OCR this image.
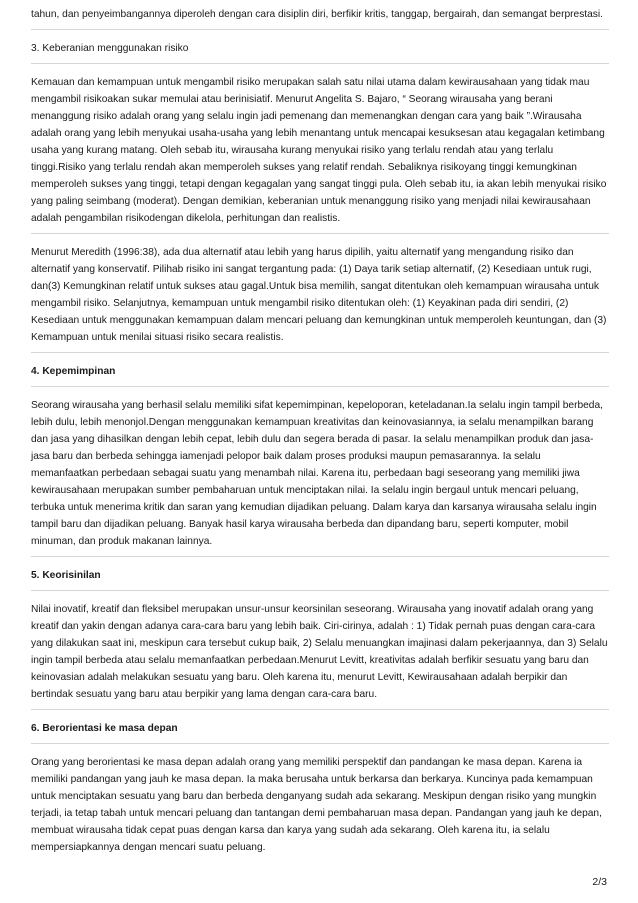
tahun, dan penyeimbangannya diperoleh dengan cara disiplin diri, berfikir kritis, tanggap, bergairah, dan semangat berprestasi.

3. Keberanian menggunakan risiko

Kemauan dan kemampuan untuk mengambil risiko merupakan salah satu nilai utama dalam kewirausahaan yang tidak mau mengambil risikoakan sukar memulai atau berinisiatif. Menurut Angelita S. Bajaro, “ Seorang wirausaha yang berani menanggung risiko adalah orang yang selalu ingin jadi pemenang dan memenangkan dengan cara yang baik ”.Wirausaha adalah orang yang lebih menyukai usaha-usaha yang lebih menantang untuk mencapai kesuksesan atau kegagalan ketimbang usaha yang kurang matang. Oleh sebab itu, wirausaha kurang menyukai risiko yang terlalu rendah atau yang terlalu tinggi.Risiko yang terlalu rendah akan memperoleh sukses yang relatif rendah. Sebaliknya risikoyang tinggi kemungkinan memperoleh sukses yang tinggi, tetapi dengan kegagalan yang sangat tinggi pula. Oleh sebab itu, ia akan lebih menyukai risiko yang paling seimbang (moderat). Dengan demikian, keberanian untuk menanggung risiko yang menjadi nilai kewirausahaan adalah pengambilan risikodengan dikelola, perhitungan dan realistis.

Menurut Meredith (1996:38), ada dua alternatif atau lebih yang harus dipilih, yaitu alternatif yang mengandung risiko dan alternatif yang konservatif. Pilihab risiko ini sangat tergantung pada: (1) Daya tarik setiap alternatif, (2) Kesediaan untuk rugi, dan(3) Kemungkinan relatif untuk sukses atau gagal.Untuk bisa memilih, sangat ditentukan oleh kemampuan wirausaha untuk mengambil risiko. Selanjutnya, kemampuan untuk mengambil risiko ditentukan oleh: (1) Keyakinan pada diri sendiri, (2) Kesediaan untuk menggunakan kemampuan dalam mencari peluang dan kemungkinan untuk memperoleh keuntungan, dan (3) Kemampuan untuk menilai situasi risiko secara realistis.

4. Kepemimpinan

Seorang wirausaha yang berhasil selalu memiliki sifat kepemimpinan, kepeloporan, keteladanan.Ia selalu ingin tampil berbeda, lebih dulu, lebih menonjol.Dengan menggunakan kemampuan kreativitas dan keinovasiannya, ia selalu menampilkan barang dan jasa yang dihasilkan dengan lebih cepat, lebih dulu dan segera berada di pasar. Ia selalu menampilkan produk dan jasa-jasa baru dan berbeda sehingga iamenjadi pelopor baik dalam proses produksi maupun pemasarannya. Ia selalu memanfaatkan perbedaan sebagai suatu yang menambah nilai. Karena itu, perbedaan bagi seseorang yang memiliki jiwa kewirausahaan merupakan sumber pembaharuan untuk menciptakan nilai. Ia selalu ingin bergaul untuk mencari peluang, terbuka untuk menerima kritik dan saran yang kemudian dijadikan peluang. Dalam karya dan karsanya wirausaha selalu ingin tampil baru dan dijadikan peluang. Banyak hasil karya wirausaha berbeda dan dipandang baru, seperti komputer, mobil minuman, dan produk makanan lainnya.

5. Keorisinilan

Nilai inovatif, kreatif dan fleksibel merupakan unsur-unsur keorsinilan seseorang. Wirausaha yang inovatif adalah orang yang kreatif dan yakin dengan adanya cara-cara baru yang lebih baik. Ciri-cirinya, adalah : 1) Tidak pernah puas dengan cara-cara yang dilakukan saat ini, meskipun cara tersebut cukup baik, 2) Selalu menuangkan imajinasi dalam pekerjaannya, dan 3) Selalu ingin tampil berbeda atau selalu memanfaatkan perbedaan.Menurut Levitt, kreativitas adalah berfikir sesuatu yang baru dan keinovasian adalah melakukan sesuatu yang baru. Oleh karena itu, menurut Levitt, Kewirausahaan adalah berpikir dan bertindak sesuatu yang baru atau berpikir yang lama dengan cara-cara baru.

6. Berorientasi ke masa depan

Orang yang berorientasi ke masa depan adalah orang yang memiliki perspektif dan pandangan ke masa depan. Karena ia memiliki pandangan yang jauh ke masa depan. Ia maka berusaha untuk berkarsa dan berkarya. Kuncinya pada kemampuan untuk menciptakan sesuatu yang baru dan berbeda denganyang sudah ada sekarang. Meskipun dengan risiko yang mungkin terjadi, ia tetap tabah untuk mencari peluang dan tantangan demi pembaharuan masa depan. Pandangan yang jauh ke depan, membuat wirausaha tidak cepat puas dengan karsa dan karya yang sudah ada sekarang. Oleh karena itu, ia selalu mempersiapkannya dengan mencari suatu peluang.

2/3
